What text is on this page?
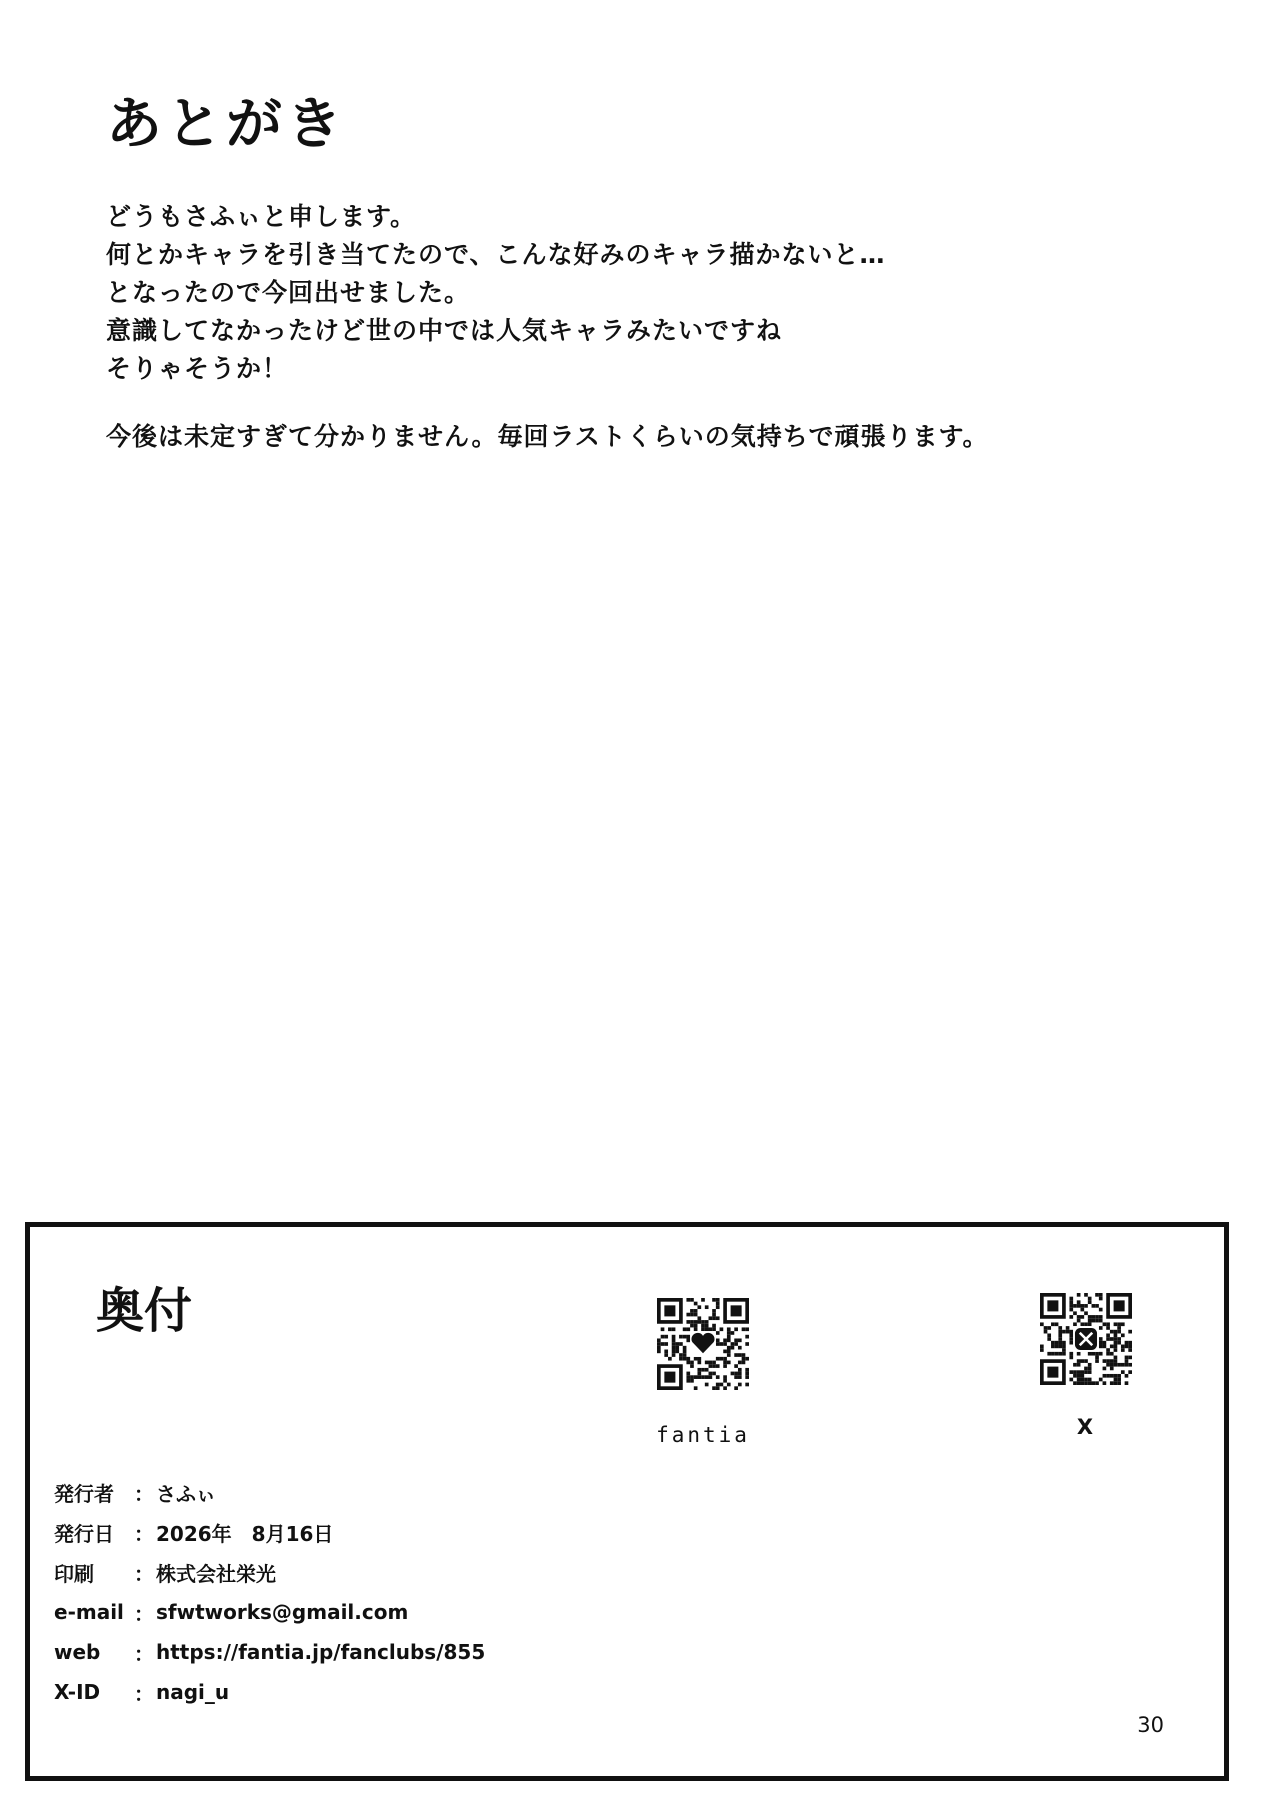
あとがき
どうもさふぃと申します。
何とかキャラを引き当てたので、こんな好みのキャラ描かないと…
となったので今回出せました。
意識してなかったけど世の中では人気キャラみたいですね
そりゃそうか！
今後は未定すぎて分かりません。毎回ラストくらいの気持ちで頑張ります。
奥付
fantia	X
発行者	： さふぃ
発行日	： 2026年　8月16日
印刷	： 株式会社栄光
e-mail ： sfwtworks@gmail.com
web	： https://fantia.jp/fanclubs/855
X-ID	： nagi_u
30
